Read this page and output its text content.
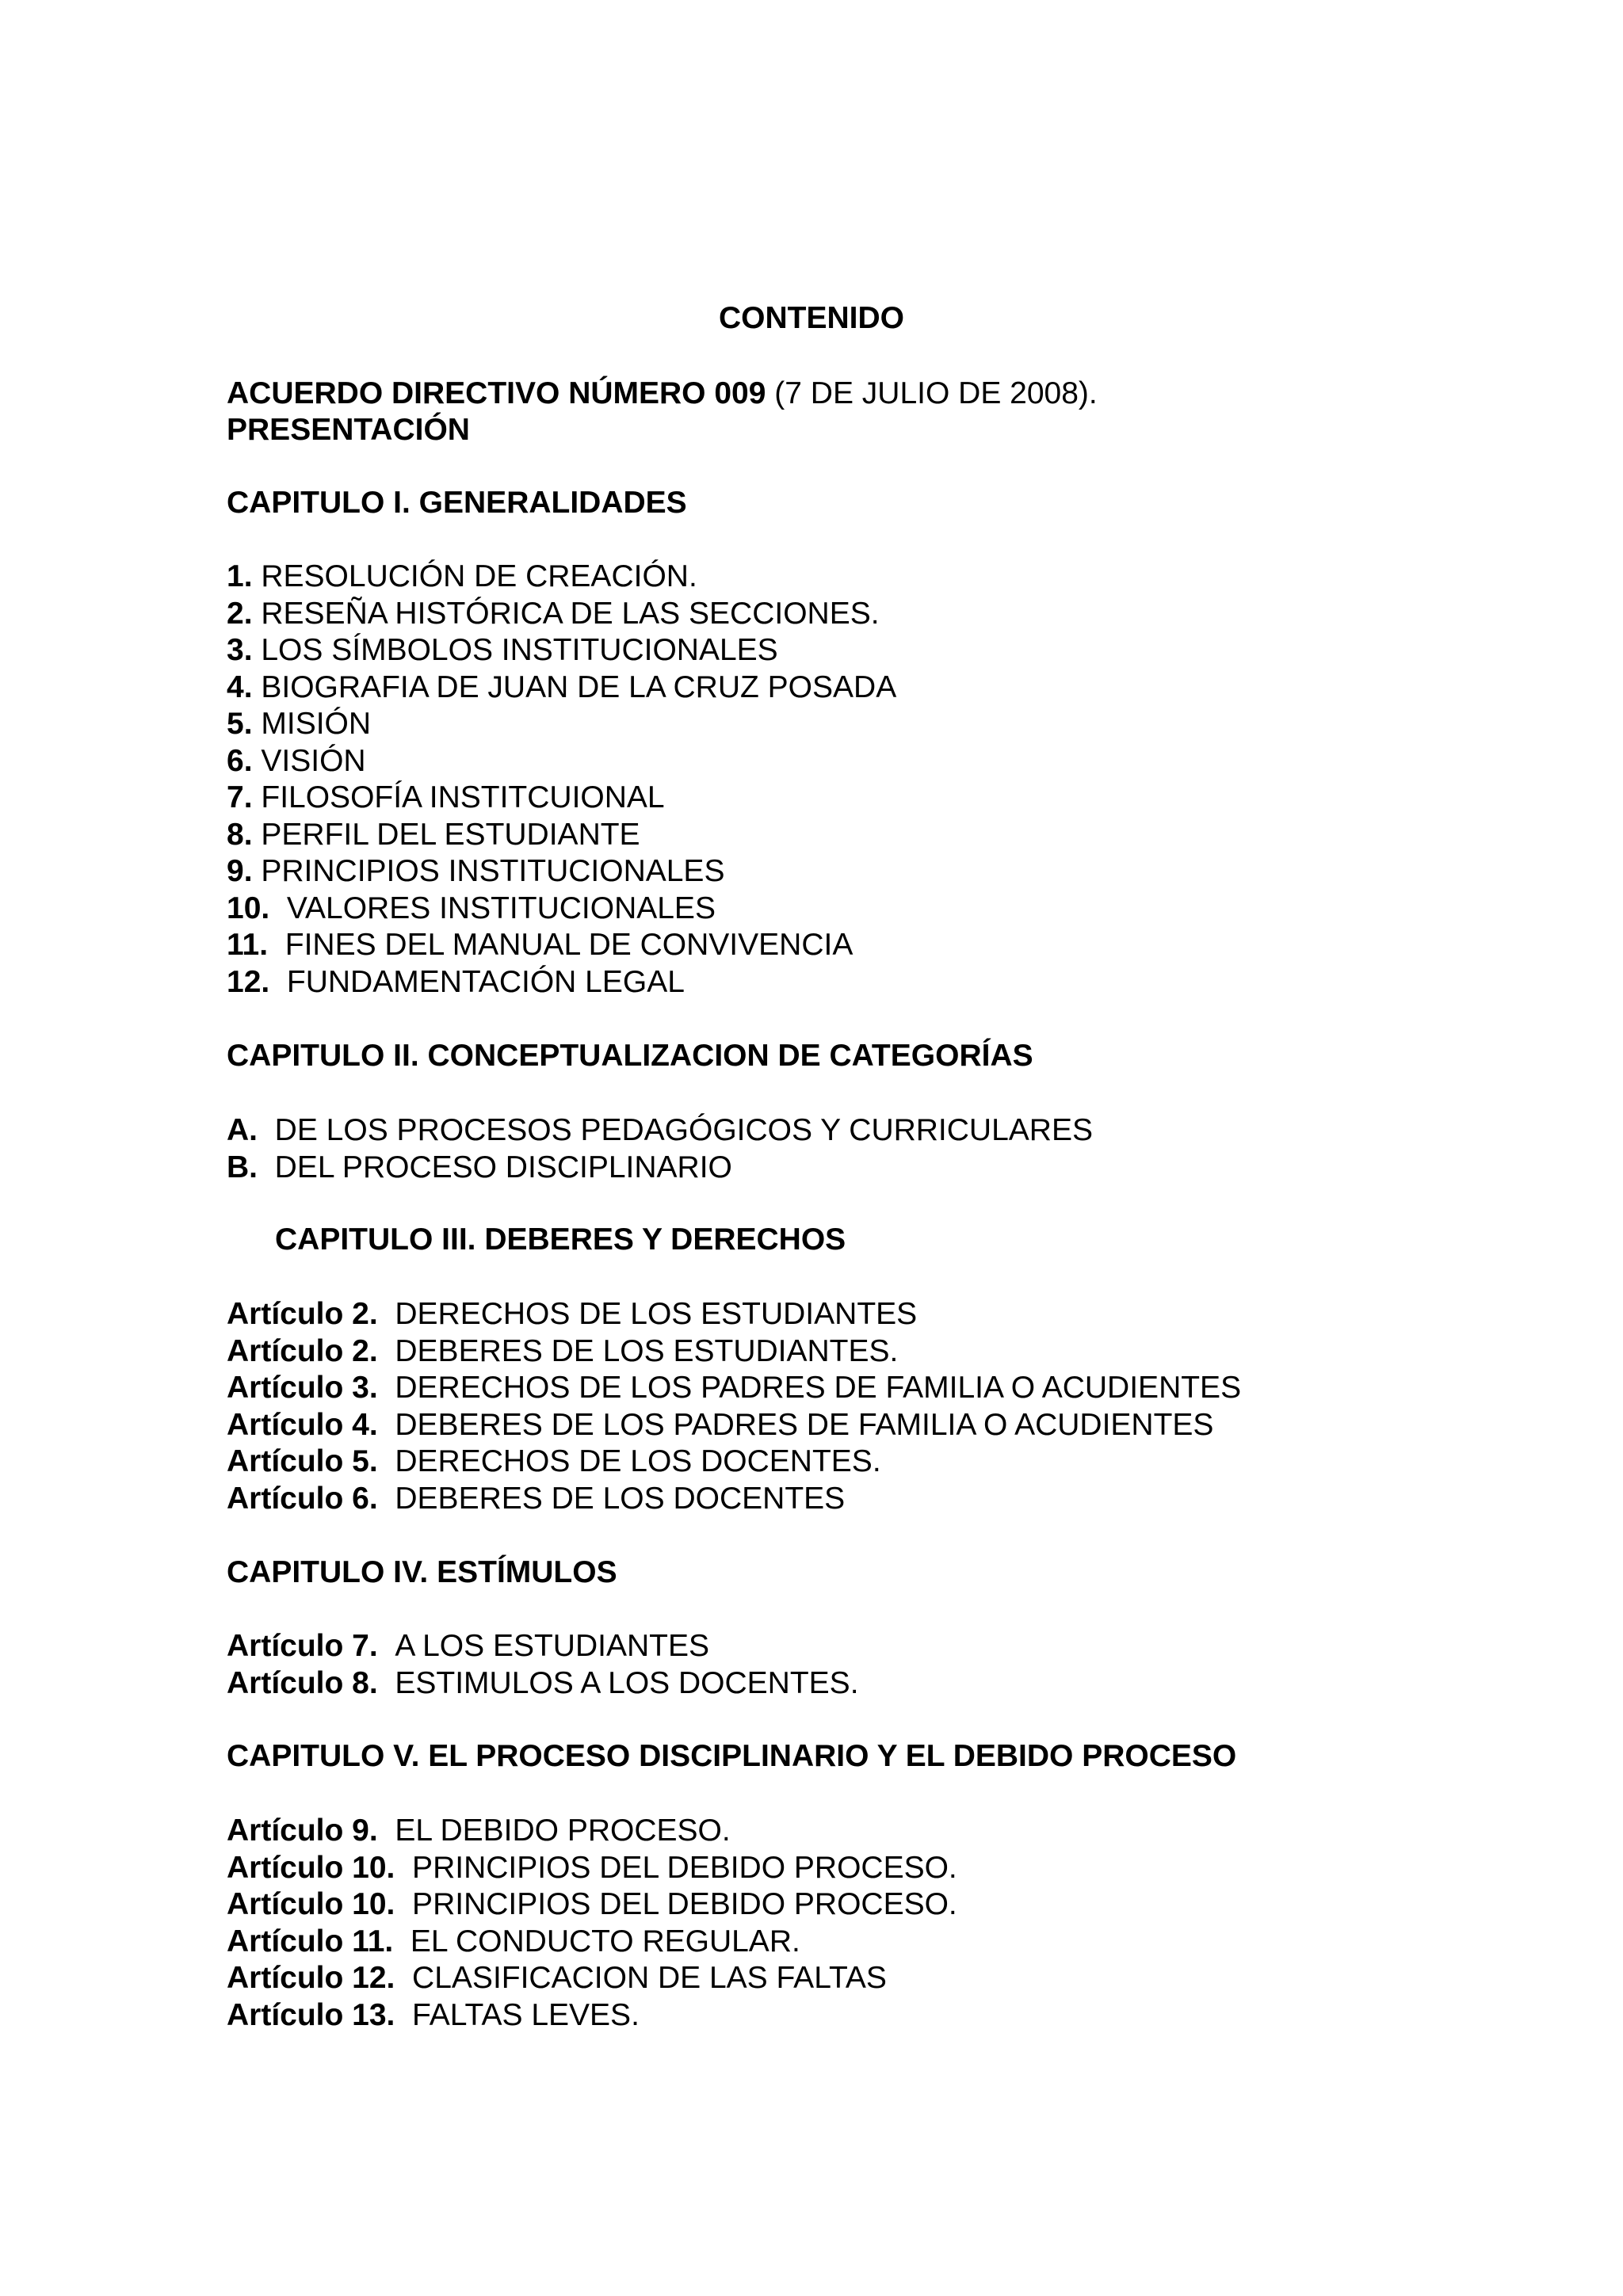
CONTENIDO

ACUERDO DIRECTIVO NÚMERO 009 (7 DE JULIO DE 2008).

PRESENTACIÓN

CAPITULO I. GENERALIDADES

1. RESOLUCIÓN DE CREACIÓN.

2. RESEÑA HISTÓRICA DE LAS SECCIONES.

3. LOS SÍMBOLOS INSTITUCIONALES

4. BIOGRAFIA DE JUAN DE LA CRUZ POSADA

5. MISIÓN

6. VISIÓN

7. FILOSOFÍA INSTITCUIONAL

8. PERFIL DEL ESTUDIANTE

9. PRINCIPIOS INSTITUCIONALES

10.  VALORES INSTITUCIONALES

11.  FINES DEL MANUAL DE CONVIVENCIA

12.  FUNDAMENTACIÓN LEGAL

CAPITULO II. CONCEPTUALIZACION DE CATEGORÍAS

A.  DE LOS PROCESOS PEDAGÓGICOS Y CURRICULARES

B.  DEL PROCESO DISCIPLINARIO

CAPITULO III. DEBERES Y DERECHOS

Artículo 2.  DERECHOS DE LOS ESTUDIANTES

Artículo 2.  DEBERES DE LOS ESTUDIANTES.

Artículo 3.  DERECHOS DE LOS PADRES DE FAMILIA O ACUDIENTES

Artículo 4.  DEBERES DE LOS PADRES DE FAMILIA O ACUDIENTES

Artículo 5.  DERECHOS DE LOS DOCENTES.

Artículo 6.  DEBERES DE LOS DOCENTES

CAPITULO IV. ESTÍMULOS

Artículo 7.  A LOS ESTUDIANTES

Artículo 8.  ESTIMULOS A LOS DOCENTES.

CAPITULO V. EL PROCESO DISCIPLINARIO Y EL DEBIDO PROCESO

Artículo 9.  EL DEBIDO PROCESO.

Artículo 10.  PRINCIPIOS DEL DEBIDO PROCESO.

Artículo 10.  PRINCIPIOS DEL DEBIDO PROCESO.

Artículo 11.  EL CONDUCTO REGULAR.

Artículo 12.  CLASIFICACION DE LAS FALTAS

Artículo 13.  FALTAS LEVES.
